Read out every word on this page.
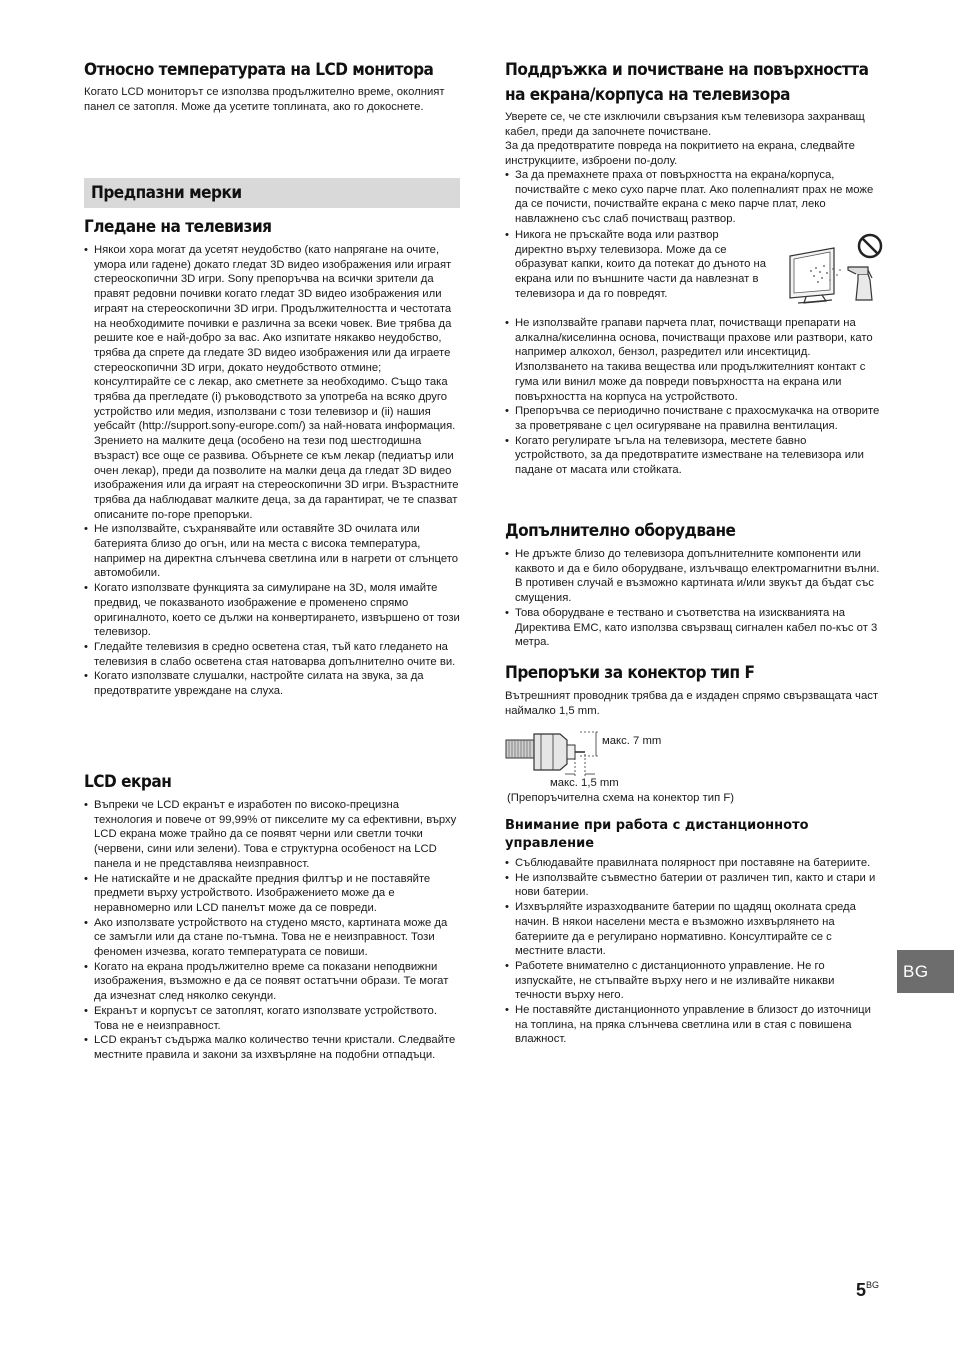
Относно температурата на LCD монитора

Когато LCD мониторът се използва продължително време, околният панел се затопля. Може да усетите топлината, ако го докоснете.

Гледане на телевизия
• Някои хора могат да усетят неудобство (като напрягане на очите, умора или гадене) докато гледат 3D видео изображения или играят стереоскопични 3D игри. Sony препоръчва на всички зрители да правят редовни почивки когато гледат 3D видео изображения или играят на стереоскопични 3D игри. Продължителността и честотата на необходимите почивки е различна за всеки човек. Вие трябва да решите кое е най-добро за вас. Ако изпитате някакво неудобство, трябва да спрете да гледате 3D видео изображения или да играете стереоскопични 3D игри, докато неудобството отмине; консултирайте се с лекар, ако сметнете за необходимо. Също така трябва да прегледате (i) ръководството за употреба на всяко друго устройство или медия, използвани с този телевизор и (ii) нашия уебсайт (http://support.sony-europe.com/) за най-новата информация. Зрението на малките деца (особено на тези под шестгодишна възраст) все още се развива. Обърнете се към лекар (педиатър или очен лекар), преди да позволите на малки деца да гледат 3D видео изображения или да играят на стереоскопични 3D игри. Възрастните трябва да наблюдават малките деца, за да гарантират, че те спазват описаните по-горе препоръки.
• Не използвайте, съхранявайте или оставяйте 3D очилата или батерията близо до огън, или на места с висока температура, например на директна слънчева светлина или в нагрети от слънцето автомобили.
• Когато използвате функцията за симулиране на 3D, моля имайте предвид, че показваното изображение е променено спрямо оригиналното, което се дължи на конвертирането, извършено от този телевизор.
• Гледайте телевизия в средно осветена стая, тъй като гледането на телевизия в слабо осветена стая натоварва допълнително очите ви.
• Когато използвате слушалки, настройте силата на звука, за да предотвратите увреждане на слуха.
LCD екран
• Въпреки че LCD екранът е изработен по високо-прецизна технология и повече от 99,99% от пикселите му са ефективни, върху LCD екрана може трайно да се появят черни или светли точки (червени, сини или зелени). Това е структурна особеност на LCD панела и не представлява неизправност.
• Не натискайте и не драскайте предния филтър и не поставяйте предмети върху устройството. Изображението може да е неравномерно или LCD панелът може да се повреди.
• Ако използвате устройството на студено място, картината може да се замъгли или да стане по-тъмна. Това не е неизправност. Този феномен изчезва, когато температурата се повиши.
• Когато на екрана продължително време са показани неподвижни изображения, възможно е да се появят остатъчни образи. Те могат да изчезнат след няколко секунди.
• Екранът и корпусът се затоплят, когато използвате устройството. Това не е неизправност.
• LCD екранът съдържа малко количество течни кристали. Следвайте местните правила и закони за изхвърляне на подобни отпадъци.
Предпазни мерки
Поддръжка и почистване на повърхността
на екрана/корпуса на телевизора

Уверете се, че сте изключили свързания към телевизора захранващ кабел, преди да започнете почистване.

За да предотвратите повреда на покритието на екрана, следвайте инструкциите, изброени по-долу.

• За да премахнете праха от повърхността на екрана/корпуса, почиствайте с меко сухо парче плат. Ако полепналият прах не може да се почисти, почиствайте екрана с меко парче плат, леко навлажнено със слаб почистващ разтвор.
• Никога не пръскайте вода или разтвор директно върху телевизора. Може да се образуват капки, които да потекат до дъното на екрана или по външните части да навлезнат в телевизора и да го повредят.
• Не използвайте грапави парчета плат, почистващи препарати на алкална/киселинна основа, почистващи прахове или разтвори, като например алкохол, бензол, разредител или инсектицид. Използването на такива вещества или продължителният контакт с гума или винил може да повреди повърхността на екрана или повърхността на корпуса на устройството.
• Препоръчва се периодично почистване с прахосмукачка на отворите за проветряване с цел осигуряване на правилна вентилация.
• Когато регулирате ъгъла на телевизора, местете бавно устройството, за да предотвратите изместване на телевизора или падане от масата или стойката.
Допълнително оборудване
• Не дръжте близо до телевизора допълнителните компоненти или каквото и да е било оборудване, излъчващо електромагнитни вълни. В противен случай е възможно картината и/или звукът да бъдат със смущения.
• Това оборудване е тествано и съответства на изискванията на Директива EMC, като използва свързващ сигнален кабел по-къс от 3 метра.
Препоръки за конектор тип F

Вътрешният проводник трябва да е издаден спрямо свързващата част наймалко 1,5 mm.

макс. 7 mm
макс. 1,5 mm
(Препоръчителна схема на конектор тип F)
Внимание при работа с дистанционното управление
• Съблюдавайте правилната полярност при поставяне на батериите.
• Не използвайте съвместно батерии от различен тип, както и стари и нови батерии.
• Изхвърляйте изразходваните батерии по щадящ околната среда начин. В някои населени места е възможно изхвърлянето на батериите да е регулирано нормативно. Консултирайте се с местните власти.
• Работете внимателно с дистанционното управление. Не го изпускайте, не стъпвайте върху него и не изливайте никакви течности върху него.
• Не поставяйте дистанционното управление в близост до източници на топлина, на пряка слънчева светлина или в стая с повишена влажност.
BG
$5^{BG}$
